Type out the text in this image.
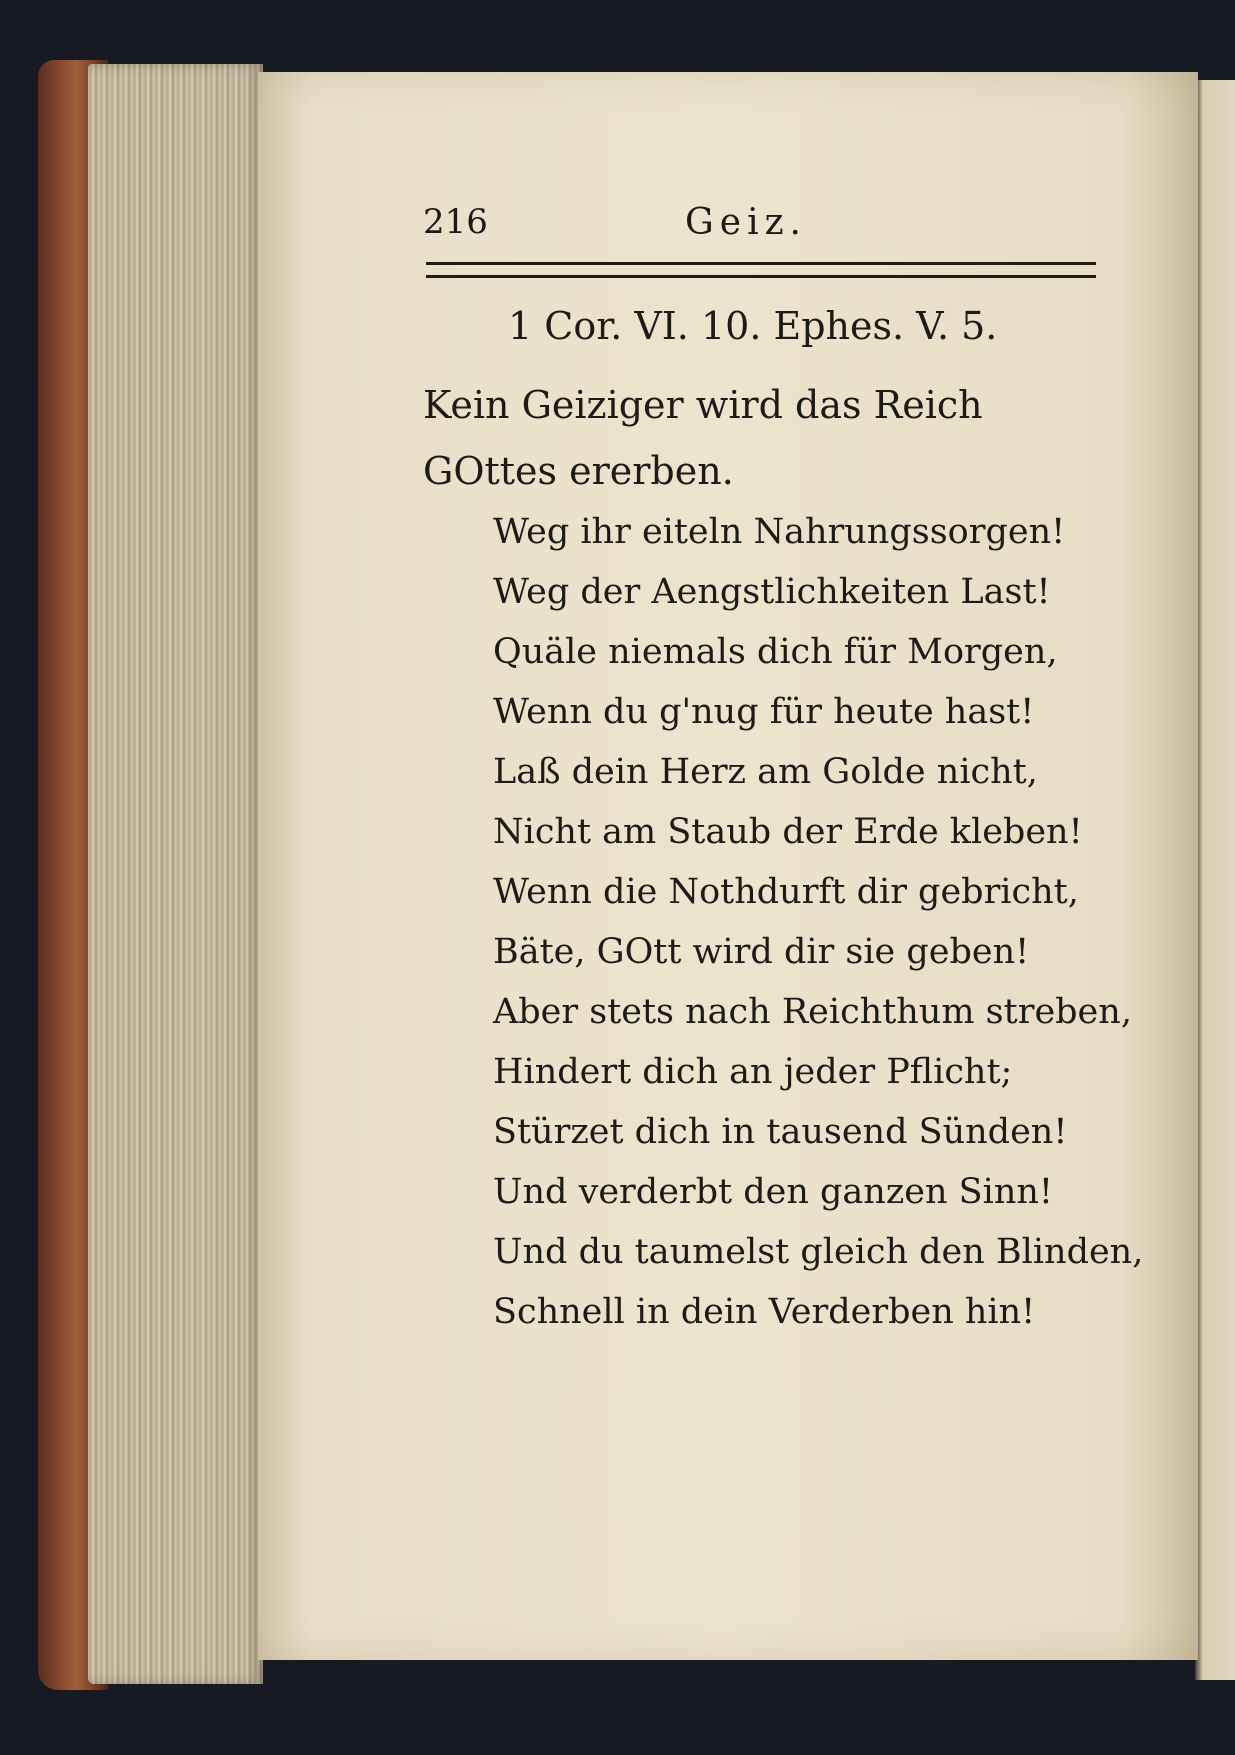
216	Geiz.
1 Cor. VI. 10. Ephes. V. 5.
Kein Geiziger wird das Reich GOttes ererben.
Weg ihr eiteln Nahrungssorgen!
Weg der Aengstlichkeiten Last!
Quäle niemals dich für Morgen,
Wenn du g'nug für heute hast!
Laß dein Herz am Golde nicht,
Nicht am Staub der Erde kleben!
Wenn die Nothdurft dir gebricht,
Bäte, GOtt wird dir sie geben!
Aber stets nach Reichthum streben,
Hindert dich an jeder Pflicht;
Stürzet dich in tausend Sünden!
Und verderbt den ganzen Sinn!
Und du taumelst gleich den Blinden,
Schnell in dein Verderben hin!
